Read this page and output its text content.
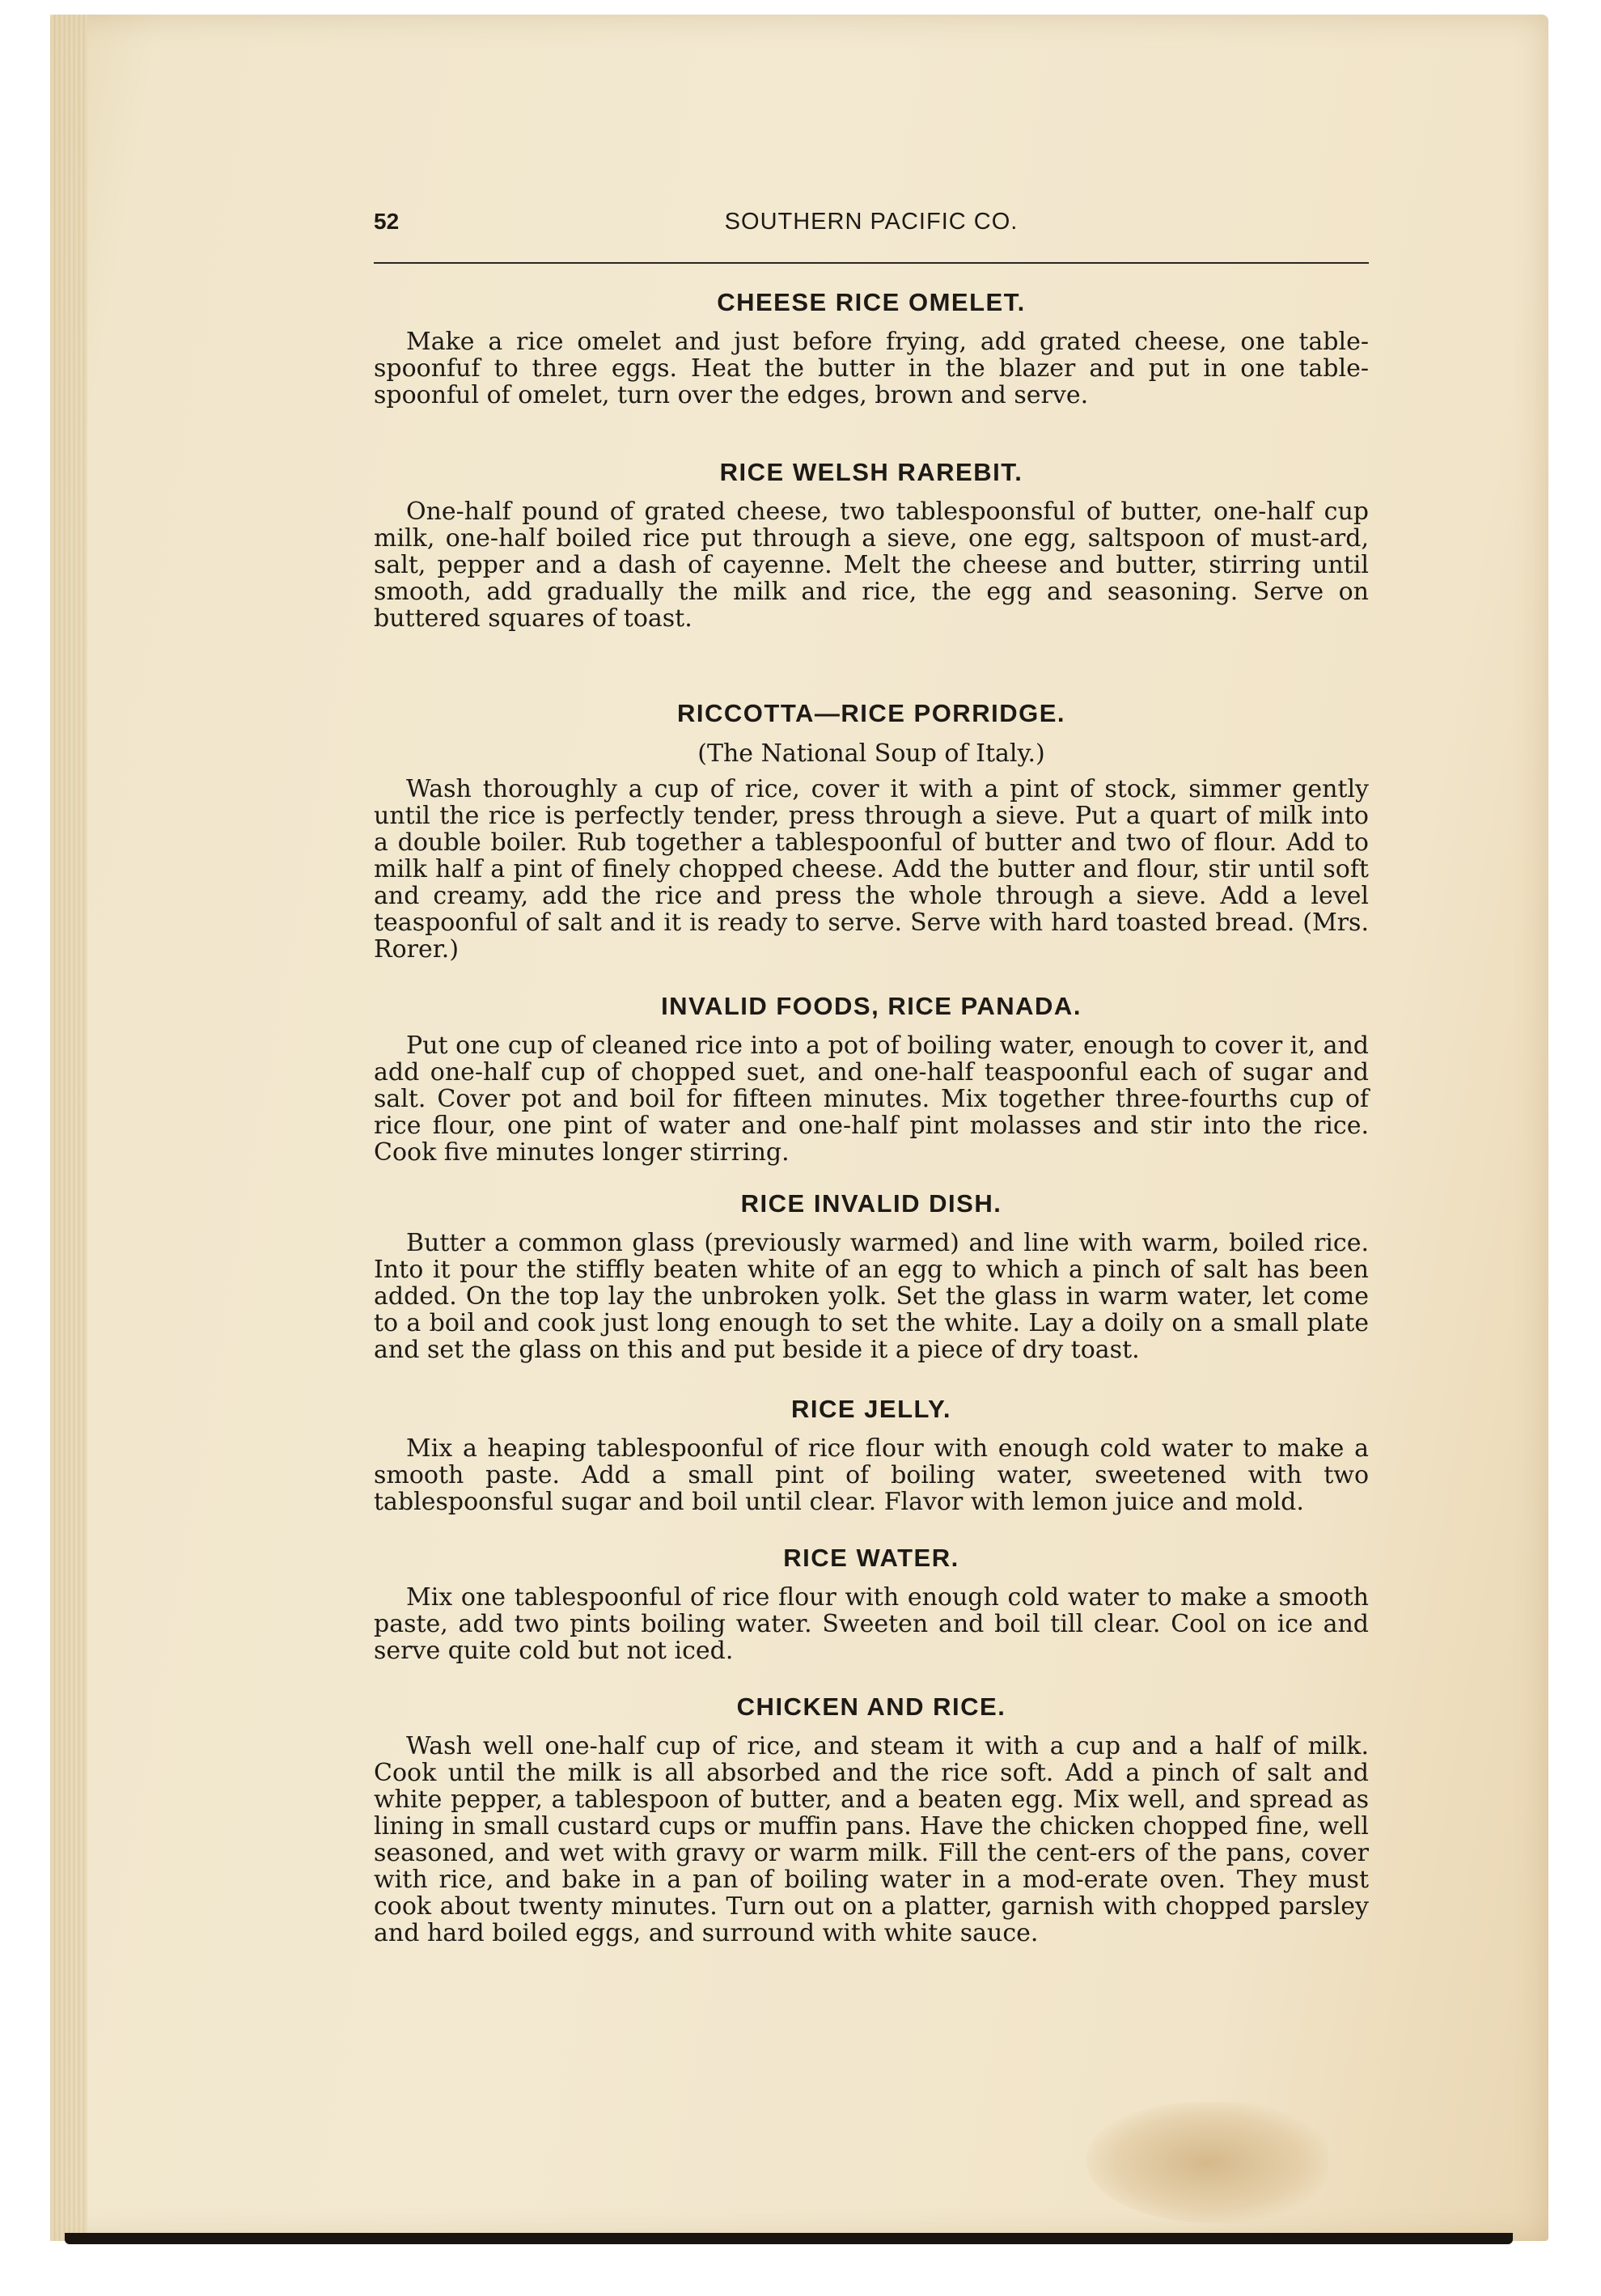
52	SOUTHERN PACIFIC CO.
CHEESE RICE OMELET.

Make a rice omelet and just before frying, add grated cheese, one table-spoonfuf to three eggs. Heat the butter in the blazer and put in one table-spoonful of omelet, turn over the edges, brown and serve.

RICE WELSH RAREBIT.

One-half pound of grated cheese, two tablespoonsful of butter, one-half cup milk, one-half boiled rice put through a sieve, one egg, saltspoon of must-ard, salt, pepper and a dash of cayenne. Melt the cheese and butter, stirring until smooth, add gradually the milk and rice, the egg and seasoning. Serve on buttered squares of toast.

RICCOTTA—RICE PORRIDGE.
(The National Soup of Italy.)

Wash thoroughly a cup of rice, cover it with a pint of stock, simmer gently until the rice is perfectly tender, press through a sieve. Put a quart of milk into a double boiler. Rub together a tablespoonful of butter and two of flour. Add to milk half a pint of finely chopped cheese. Add the butter and flour, stir until soft and creamy, add the rice and press the whole through a sieve. Add a level teaspoonful of salt and it is ready to serve. Serve with hard toasted bread. (Mrs. Rorer.)

INVALID FOODS, RICE PANADA.

Put one cup of cleaned rice into a pot of boiling water, enough to cover it, and add one-half cup of chopped suet, and one-half teaspoonful each of sugar and salt. Cover pot and boil for fifteen minutes. Mix together three-fourths cup of rice flour, one pint of water and one-half pint molasses and stir into the rice. Cook five minutes longer stirring.

RICE INVALID DISH.

Butter a common glass (previously warmed) and line with warm, boiled rice. Into it pour the stiffly beaten white of an egg to which a pinch of salt has been added. On the top lay the unbroken yolk. Set the glass in warm water, let come to a boil and cook just long enough to set the white. Lay a doily on a small plate and set the glass on this and put beside it a piece of dry toast.

RICE JELLY.

Mix a heaping tablespoonful of rice flour with enough cold water to make a smooth paste. Add a small pint of boiling water, sweetened with two tablespoonsful sugar and boil until clear. Flavor with lemon juice and mold.

RICE WATER.

Mix one tablespoonful of rice flour with enough cold water to make a smooth paste, add two pints boiling water. Sweeten and boil till clear. Cool on ice and serve quite cold but not iced.

CHICKEN AND RICE.

Wash well one-half cup of rice, and steam it with a cup and a half of milk. Cook until the milk is all absorbed and the rice soft. Add a pinch of salt and white pepper, a tablespoon of butter, and a beaten egg. Mix well, and spread as lining in small custard cups or muffin pans. Have the chicken chopped fine, well seasoned, and wet with gravy or warm milk. Fill the cent-ers of the pans, cover with rice, and bake in a pan of boiling water in a mod-erate oven. They must cook about twenty minutes. Turn out on a platter, garnish with chopped parsley and hard boiled eggs, and surround with white sauce.
